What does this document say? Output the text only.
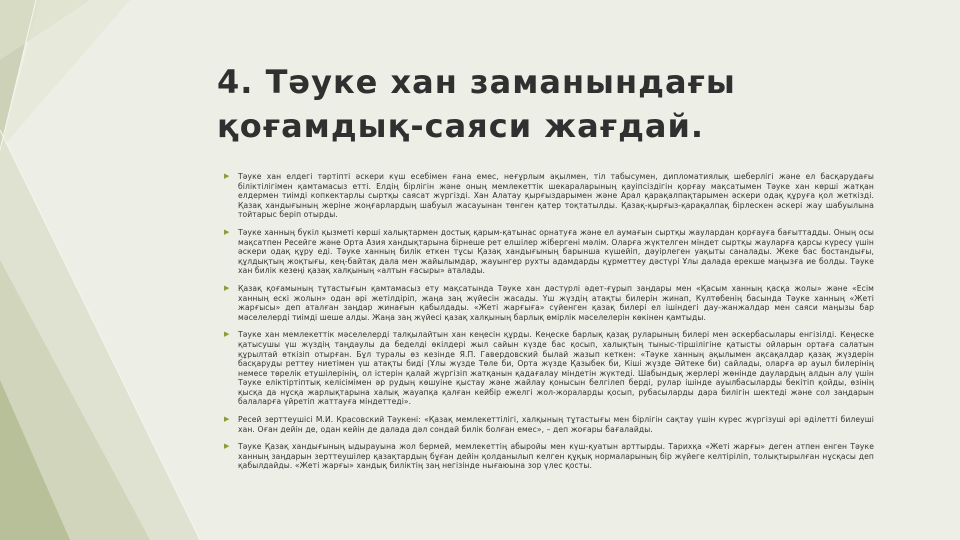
4. Тәуке хан заманындағы қоғамдық-саяси жағдай.
▶ Тәуке хан елдегі тәртіпті әскери күш есебімен ғана емес, неғұрлым ақылмен, тіл табысумен, дипломатиялық шеберлігі және ел басқарудағы біліктілігімен қамтамасыз етті. Елдің бірлігін және оның мемлекеттік шекараларының қауіпсіздігін қорғау мақсатымен Тәуке хан көрші жатқан елдермен тиімді копкектарлы сыртқы саясат жүргізді. Хан Алатау қырғыздарымен және Арал қарақалпақтарымен әскери одақ құруға қол жеткізді. Қазақ хандығының жеріне жоңғарлардың шабуыл жасауынан төнген қатер тоқтатылды. Қазақ-қырғыз-қарақалпақ бірлескен әскері жау шабуылына тойтарыс беріп отырды.
▶ Тәуке ханның бүкіл қызметі көрші халықтармен достық қарым-қатынас орнатуға және ел аумағын сыртқы жаулардан қорғауға бағыттадды. Оның осы мақсатпен Ресейге және Орта Азия хандықтарына бірнеше рет елшілер жібергені мәлім. Оларға жүктелген міндет сыртқы жауларға қарсы күресу үшін әскери одақ құру еді. Тәуке ханның билік еткен тұсы Қазақ хандығының барынша күшейіп, дәуірлеген уақыты саналады. Жеке бас бостандығы, құлдықтың жоқтығы, кең-байтақ дала мен жайылымдар, жауынгер рухты адамдарды құрметтеу дәстүрі Ұлы далада ерекше маңызға ие болды. Тәуке хан билік кезеңі қазақ халқының «алтын ғасыры» аталады.
▶ Қазақ қоғамының тұтастығын қамтамасыз ету мақсатында Тәуке хан дәстүрлі әдет-ғұрып заңдары мен «Қасым ханның қасқа жолы» және «Есім ханның ескі жолын» одан әрі жетілдіріп, жаңа заң жүйесін жасады. Үш жүздің атақты билерін жинап, Күлтөбенің басында Тәуке ханның «Жеті жарғысы» деп аталған заңдар жинағын қабылдады. «Жеті жарғыға» сүйенген қазақ билері ел ішіндегі дау-жанжалдар мен саяси маңызы бар мәселелерді тиімді шеше алды. Жаңа заң жүйесі қазақ халқының барлық өмірлік мәселелерін көкінен қамтыды.
▶ Тәуке хан мемлекеттік мәселелерді талқылайтын хан кеңесін құрды. Кеңеске барлық қазақ руларының билері мен әскербасылары енгізілді. Кеңеске қатысушы үш жүздің таңдаулы да беделді өкілдері жыл сайын күзде бас қосып, халықтың тыныс-тіршілігіне қатысты ойларын ортаға салатын құрылтай өткізіп отырған. Бұл туралы өз кезінде Я.П. Гавердовский былай жазып кеткен: «Тәуке ханның ақылымен ақсақалдар қазақ жүздерін басқаруды реттеу ниетімен үш атақты биді (Ұлы жүзде Төле би, Орта жүзде Қазыбек би, Кіші жүзде Әйтеке би) сайлады, оларға әр ауыл билерінің немесе төрелік етушілерінің, ол істерін қалай жүргізіп жатқанын қадағалау міндетін жүктеді. Шабындық жерлері жөнінде даулардың алдын алу үшін Тәуке еліктіртіптық келісімімен әр рудың көшуіне қыстау және жайлау қонысын белгілеп берді, рулар ішінде ауылбасыларды бекітіп қойды, өзінің қысқа да нұсқа жарлықтарына халық жауапқа қалған кейбір ежелгі жол-жораларды қосып, рубасыларды дара билігін шектеді және сол заңдарын балаларға үйретіп жаттауға міндеттеді».
▶ Ресей зерттеушісі М.И. Красовский Тәукені: «Қазақ мемлекеттілігі, халқының тұтастығы мен бірлігін сақтау үшін күрес жүргізуші әрі әділетті билеуші хан. Оған дейін де, одан кейін де далада дәл сондай билік болған емес», – деп жоғары бағалайды.
▶ Тәуке Қазақ хандығының ыдырауына жол бермей, мемлекеттің абыройы мен күш-қуатын арттырды. Тарихқа «Жеті жарғы» деген атпен енген Тәуке ханның заңдарын зерттеушілер қазақтардың бұған дейін қолданылып келген құқық нормаларының бір жүйеге келтіріліп, толықтырылған нұсқасы деп қабылдайды. «Жеті жарғы» хандық биліктің заң негізінде нығаюына зор үлес қосты.
